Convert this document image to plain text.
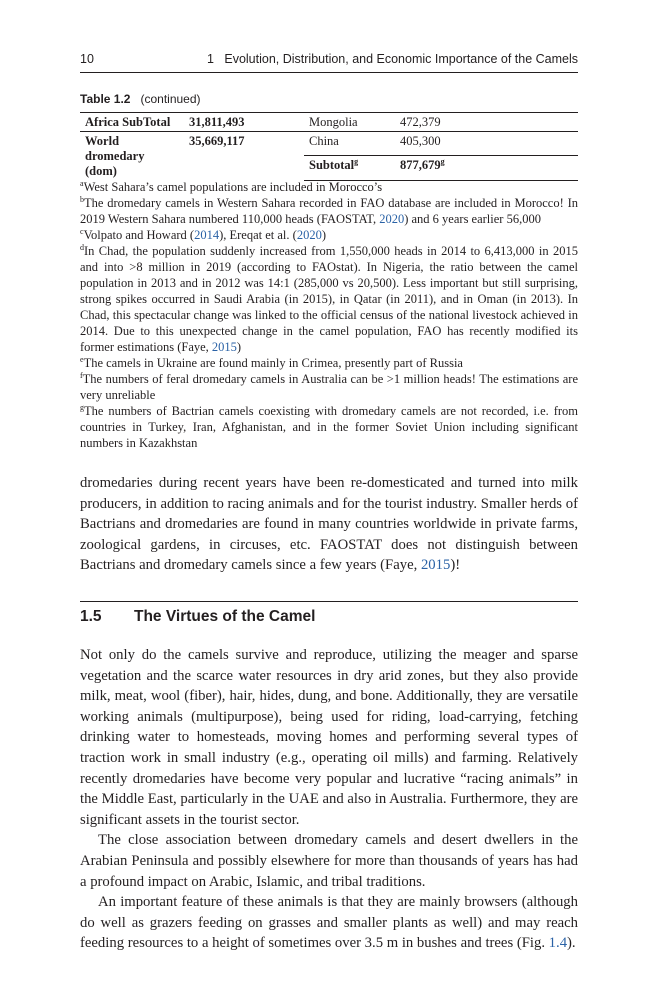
10	1   Evolution, Distribution, and Economic Importance of the Camels
Table 1.2 (continued)
Africa SubTotal	31,811,493	Mongolia	472,379
World dromedary (dom)	35,669,117	China	405,300
		Subtotal$^g$	877,679$^g$

$^a$West Sahara’s camel populations are included in Morocco’s

$^b$The dromedary camels in Western Sahara recorded in FAO database are included in Morocco! In 2019 Western Sahara numbered 110,000 heads (FAOSTAT, 2020) and 6 years earlier 56,000

$^c$Volpato and Howard (2014), Ereqat et al. (2020)

$^d$In Chad, the population suddenly increased from 1,550,000 heads in 2014 to 6,413,000 in 2015 and into >8 million in 2019 (according to FAOstat). In Nigeria, the ratio between the camel population in 2013 and in 2012 was 14:1 (285,000 vs 20,500). Less important but still surprising, strong spikes occurred in Saudi Arabia (in 2015), in Qatar (in 2011), and in Oman (in 2013). In Chad, this spectacular change was linked to the official census of the national livestock achieved in 2014. Due to this unexpected change in the camel population, FAO has recently modified its former estimations (Faye, 2015)

$^e$The camels in Ukraine are found mainly in Crimea, presently part of Russia

$^f$The numbers of feral dromedary camels in Australia can be >1 million heads! The estimations are very unreliable

$^g$The numbers of Bactrian camels coexisting with dromedary camels are not recorded, i.e. from countries in Turkey, Iran, Afghanistan, and in the former Soviet Union including significant numbers in Kazakhstan

dromedaries during recent years have been re-domesticated and turned into milk producers, in addition to racing animals and for the tourist industry. Smaller herds of Bactrians and dromedaries are found in many countries worldwide in private farms, zoological gardens, in circuses, etc. FAOSTAT does not distinguish between Bactrians and dromedary camels since a few years (Faye, 2015)!

1.5 The Virtues of the Camel

Not only do the camels survive and reproduce, utilizing the meager and sparse vegetation and the scarce water resources in dry arid zones, but they also provide milk, meat, wool (fiber), hair, hides, dung, and bone. Additionally, they are versatile working animals (multipurpose), being used for riding, load-carrying, fetching drinking water to homesteads, moving homes and performing several types of traction work in small industry (e.g., operating oil mills) and farming. Relatively recently dromedaries have become very popular and lucrative “racing animals” in the Middle East, particularly in the UAE and also in Australia. Furthermore, they are significant assets in the tourist sector.

The close association between dromedary camels and desert dwellers in the Arabian Peninsula and possibly elsewhere for more than thousands of years has had a profound impact on Arabic, Islamic, and tribal traditions.

An important feature of these animals is that they are mainly browsers (although do well as grazers feeding on grasses and smaller plants as well) and may reach feeding resources to a height of sometimes over 3.5 m in bushes and trees (Fig. 1.4).
